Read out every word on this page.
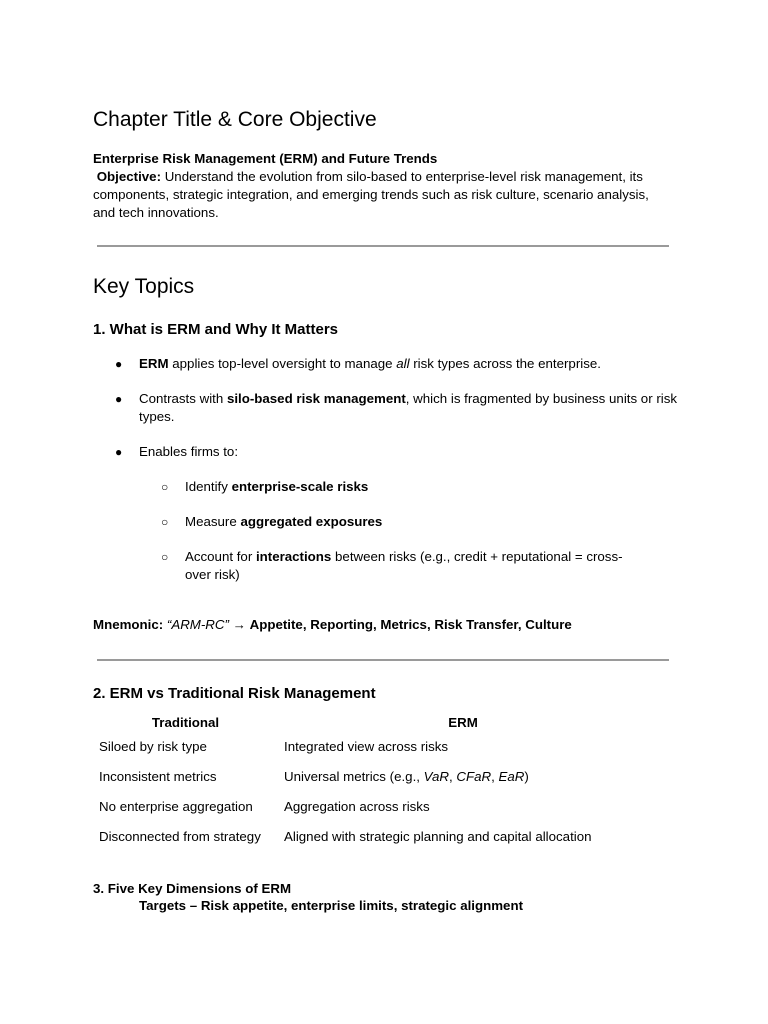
Chapter Title & Core Objective
Enterprise Risk Management (ERM) and Future Trends
Objective: Understand the evolution from silo-based to enterprise-level risk management, its components, strategic integration, and emerging trends such as risk culture, scenario analysis, and tech innovations.
Key Topics
1. What is ERM and Why It Matters
● ERM applies top-level oversight to manage all risk types across the enterprise.
● Contrasts with silo-based risk management, which is fragmented by business units or risk types.
● Enables firms to:
○ Identify enterprise-scale risks
○ Measure aggregated exposures
○ Account for interactions between risks (e.g., credit + reputational = cross-over risk)
Mnemonic: “ARM-RC” → Appetite, Reporting, Metrics, Risk Transfer, Culture
2. ERM vs Traditional Risk Management
Traditional	ERM
Siloed by risk type	Integrated view across risks
Inconsistent metrics	Universal metrics (e.g., VaR, CFaR, EaR)
No enterprise aggregation	Aggregation across risks
Disconnected from strategy	Aligned with strategic planning and capital allocation
3. Five Key Dimensions of ERM
Targets – Risk appetite, enterprise limits, strategic alignment
